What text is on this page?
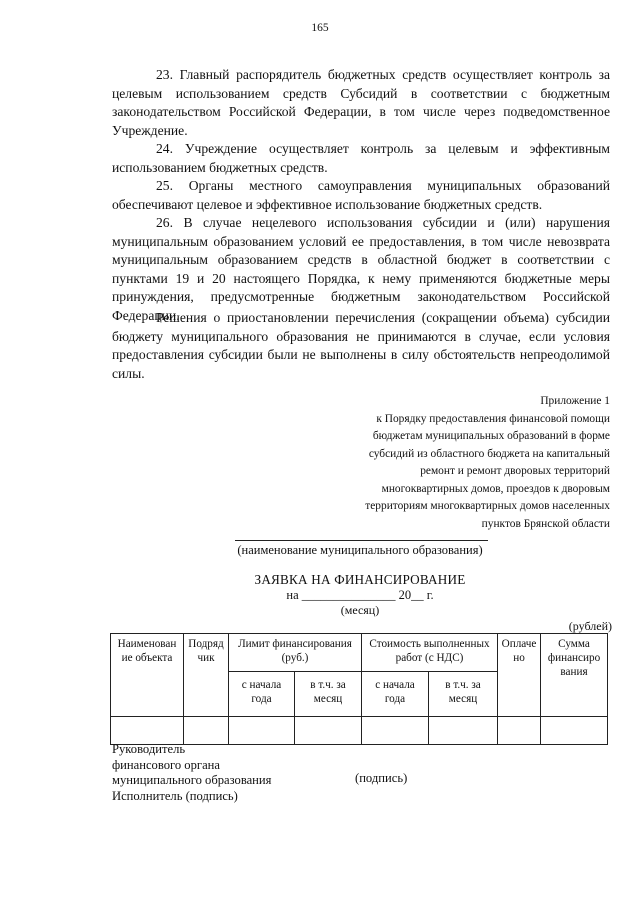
165
23. Главный распорядитель бюджетных средств осуществляет контроль за целевым использованием средств Субсидий в соответствии с бюджетным законодательством Российской Федерации, в том числе через подведомственное Учреждение.
24. Учреждение осуществляет контроль за целевым и эффективным использованием бюджетных средств.
25. Органы местного самоуправления муниципальных образований обеспечивают целевое и эффективное использование бюджетных средств.
26. В случае нецелевого использования субсидии и (или) нарушения муниципальным образованием условий ее предоставления, в том числе невозврата муниципальным образованием средств в областной бюджет в соответствии с пунктами 19 и 20 настоящего Порядка, к нему применяются бюджетные меры принуждения, предусмотренные бюджетным законодательством Российской Федерации.
Решения о приостановлении перечисления (сокращении объема) субсидии бюджету муниципального образования не принимаются в случае, если условия предоставления субсидии были не выполнены в силу обстоятельств непреодолимой силы.
Приложение 1
к Порядку предоставления финансовой помощи
бюджетам муниципальных образований в форме
субсидий из областного бюджета на капитальный
ремонт и ремонт дворовых территорий
многоквартирных домов, проездов к дворовым
территориям многоквартирных домов населенных
пунктов Брянской области
(наименование муниципального образования)
ЗАЯВКА НА ФИНАНСИРОВАНИЕ
на _______________ 20__ г.
(месяц)
(рублей)
Наименован ие объекта	Подряд чик	Лимит финансирования (руб.)		Стоимость выполненных работ (с НДС)		Оплаче но	Сумма финансиро вания
		с начала года	в т.ч. за месяц	с начала года	в т.ч. за месяц		

Руководитель
финансового органа
муниципального образования
Исполнитель (подпись)
(подпись)
